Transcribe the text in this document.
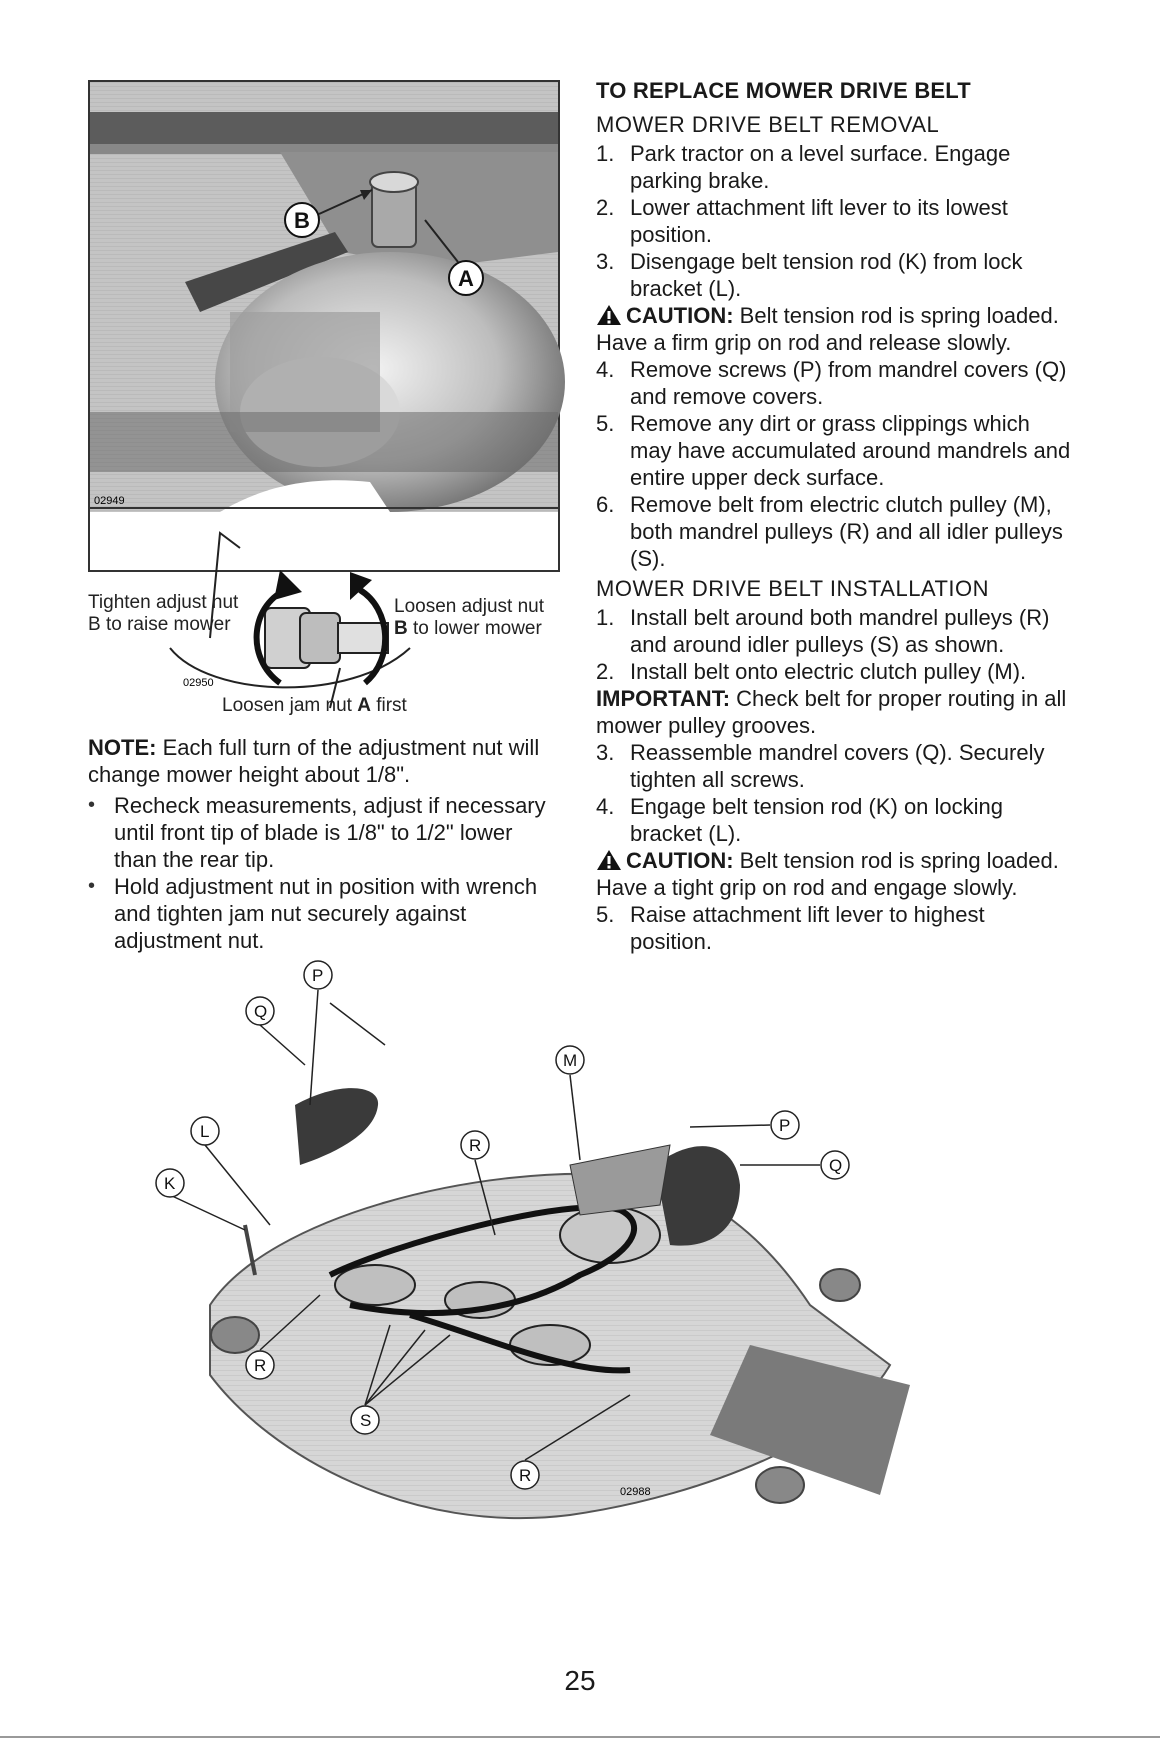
B
A
02949
02950
Tighten adjust nut
B to raise mower
Loosen adjust nut
B to lower mower
Loosen jam nut A first

NOTE: Each full turn of the adjustment nut will change mower height about 1/8".

• Recheck measurements, adjust if necessary until front tip of blade is 1/8" to 1/2" lower than the rear tip.
• Hold adjustment nut in position with wrench and tighten jam nut securely against adjustment nut.
TO REPLACE MOWER DRIVE BELT
MOWER DRIVE BELT REMOVAL
1. Park tractor on a level surface. Engage parking brake.
2. Lower attachment lift lever to its lowest position.
3. Disengage belt tension rod (K) from lock bracket (L).
CAUTION: Belt tension rod is spring loaded. Have a firm grip on rod and release slowly.
4. Remove screws (P) from mandrel covers (Q) and remove covers.
5. Remove any dirt or grass clippings which may have accumulated around mandrels and entire upper deck surface.
6. Remove belt from electric clutch pulley (M), both mandrel pulleys (R) and all idler pulleys (S).
MOWER DRIVE BELT INSTALLATION
1. Install belt around both mandrel pulleys (R) and around idler pulleys (S) as shown.
2. Install belt onto electric clutch pulley (M).
IMPORTANT: Check belt for proper routing in all mower pulley grooves.
3. Reassemble mandrel covers (Q). Securely tighten all screws.
4. Engage belt tension rod (K) on locking bracket (L).
CAUTION: Belt tension rod is spring loaded. Have a tight grip on rod and engage slowly.
5. Raise attachment lift lever to highest position.
P
Q
L
K
R
M
P
Q
R
S
R
02988
25
